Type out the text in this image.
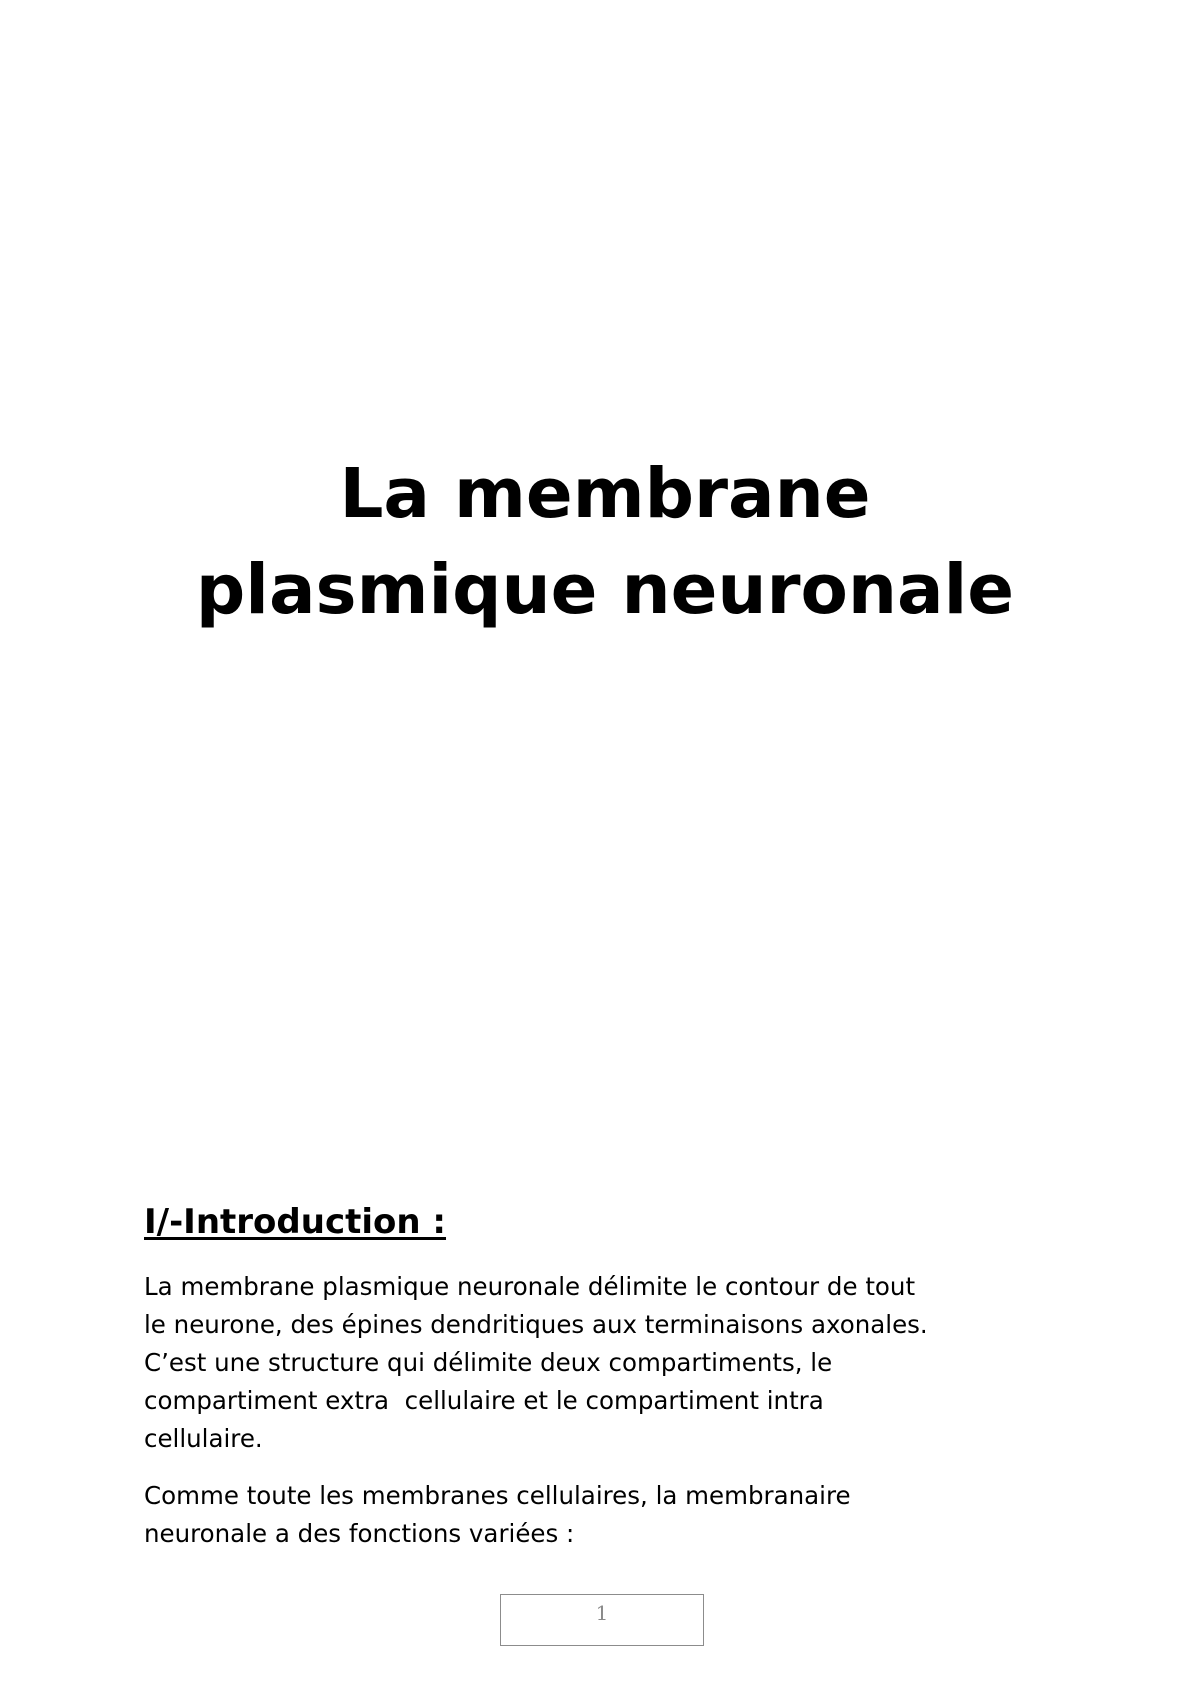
La membrane
plasmique neuronale
I/-Introduction :

La membrane plasmique neuronale délimite le contour de tout
le neurone, des épines dendritiques aux terminaisons axonales.
C’est une structure qui délimite deux compartiments, le
compartiment extra  cellulaire et le compartiment intra
cellulaire.

Comme toute les membranes cellulaires, la membranaire
neuronale a des fonctions variées :

1
